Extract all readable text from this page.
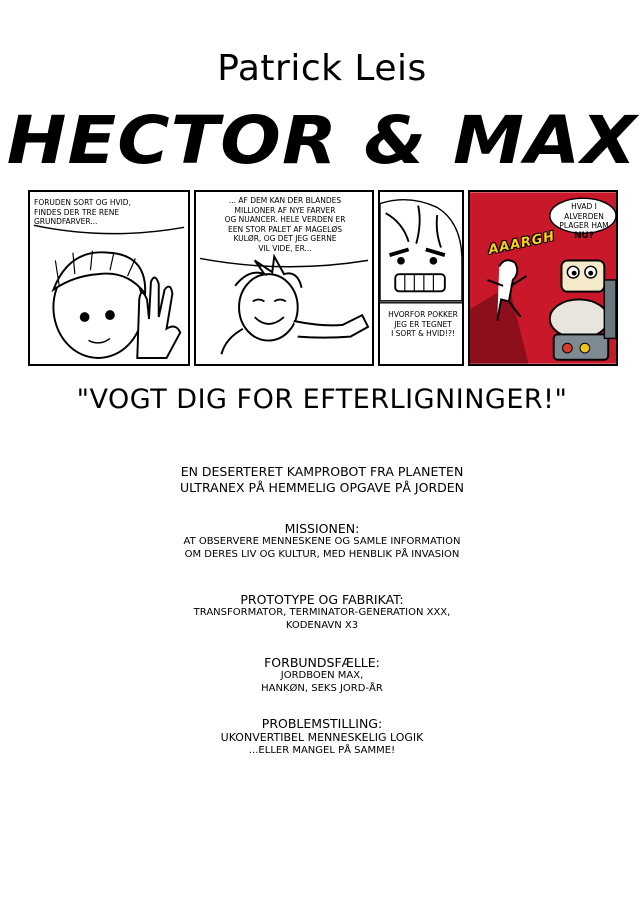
Patrick Leis
HECTOR & MAX
FORUDEN SORT OG HVID,
FINDES DER TRE RENE
GRUNDFARVER...
... AF DEM KAN DER BLANDES
MILLIONER AF NYE FARVER
OG NUANCER. HELE VERDEN ER
EEN STOR PALET AF MAGELØS
KULØR, OG DET JEG GERNE
VIL VIDE, ER...
HVORFOR POKKER
JEG ER TEGNET
I SORT & HVID!?!
HVAD I ALVERDEN
PLAGER HAM NU?
AAARGH
"VOGT DIG FOR EFTERLIGNINGER!"
EN DESERTERET KAMPROBOT FRA PLANETEN
ULTRANEX PÅ HEMMELIG OPGAVE PÅ JORDEN
MISSIONEN:
AT OBSERVERE MENNESKENE OG SAMLE INFORMATION
OM DERES LIV OG KULTUR, MED HENBLIK PÅ INVASION
PROTOTYPE OG FABRIKAT:
TRANSFORMATOR, TERMINATOR-GENERATION XXX,
KODENAVN X3
FORBUNDSFÆLLE:
JORDBOEN MAX,
HANKØN, SEKS JORD-ÅR
PROBLEMSTILLING:
UKONVERTIBEL MENNESKELIG LOGIK
...ELLER MANGEL PÅ SAMME!
